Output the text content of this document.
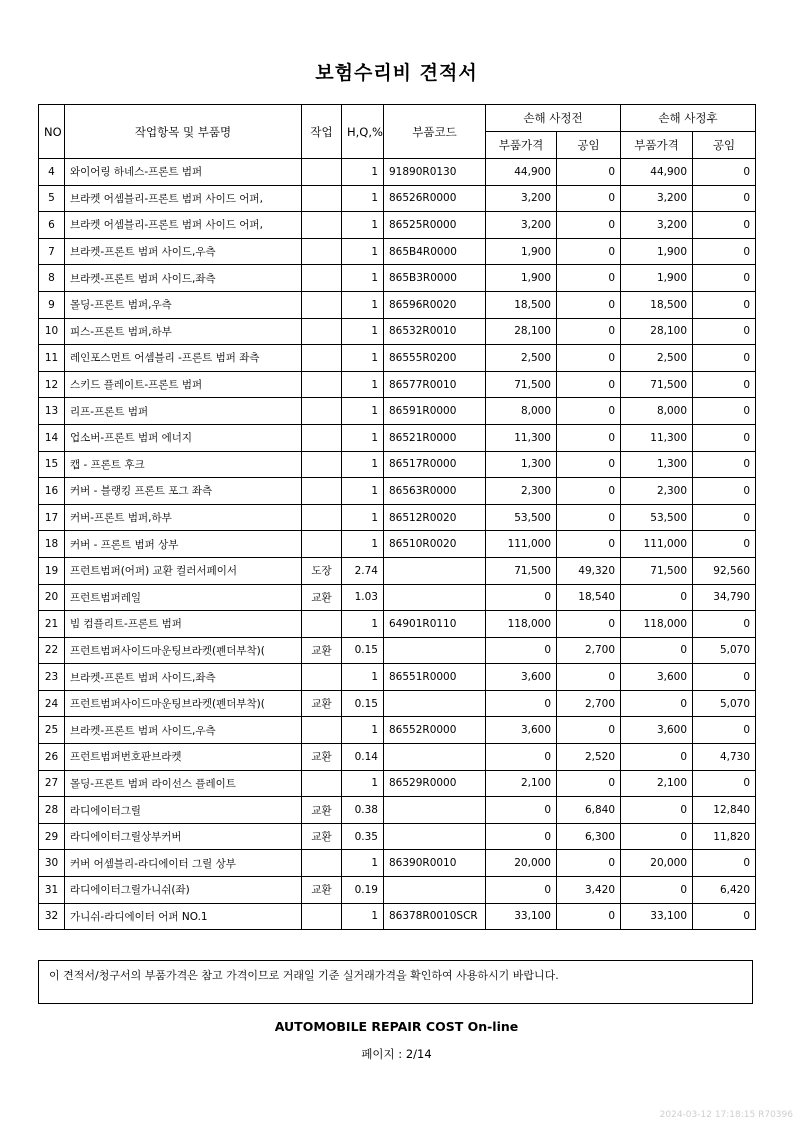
보험수리비 견적서
NO	작업항목 및 부품명	작업	H,Q,%	부품코드	손해 사정전		손해 사정후	
					부품가격	공임	부품가격	공임
4	와이어링 하네스-프론트 범퍼		1	91890R0130	44,900	0	44,900	0
5	브라켓 어셈블리-프론트 범퍼 사이드 어퍼,		1	86526R0000	3,200	0	3,200	0
6	브라켓 어셈블리-프론트 범퍼 사이드 어퍼,		1	86525R0000	3,200	0	3,200	0
7	브라켓-프론트 범퍼 사이드,우측		1	865B4R0000	1,900	0	1,900	0
8	브라켓-프론트 범퍼 사이드,좌측		1	865B3R0000	1,900	0	1,900	0
9	몰딩-프론트 범퍼,우측		1	86596R0020	18,500	0	18,500	0
10	피스-프론트 범퍼,하부		1	86532R0010	28,100	0	28,100	0
11	레인포스먼트 어셈블리 -프론트 범퍼 좌측		1	86555R0200	2,500	0	2,500	0
12	스키드 플레이트-프론트 범퍼		1	86577R0010	71,500	0	71,500	0
13	리프-프론트 범퍼		1	86591R0000	8,000	0	8,000	0
14	업소버-프론트 범퍼 에너지		1	86521R0000	11,300	0	11,300	0
15	캡 - 프론트 후크		1	86517R0000	1,300	0	1,300	0
16	커버 - 블랭킹 프론트 포그 좌측		1	86563R0000	2,300	0	2,300	0
17	커버-프론트 범퍼,하부		1	86512R0020	53,500	0	53,500	0
18	커버 - 프론트 범퍼 상부		1	86510R0020	111,000	0	111,000	0
19	프런트범퍼(어퍼) 교환 컬러서페이서	도장	2.74		71,500	49,320	71,500	92,560
20	프런트범퍼레일	교환	1.03		0	18,540	0	34,790
21	빔 컴플리트-프론트 범퍼		1	64901R0110	118,000	0	118,000	0
22	프런트범퍼사이드마운팅브라켓(펜더부착)(	교환	0.15		0	2,700	0	5,070
23	브라켓-프론트 범퍼 사이드,좌측		1	86551R0000	3,600	0	3,600	0
24	프런트범퍼사이드마운팅브라켓(펜더부착)(	교환	0.15		0	2,700	0	5,070
25	브라켓-프론트 범퍼 사이드,우측		1	86552R0000	3,600	0	3,600	0
26	프런트범퍼번호판브라켓	교환	0.14		0	2,520	0	4,730
27	몰딩-프론트 범퍼 라이선스 플레이트		1	86529R0000	2,100	0	2,100	0
28	라디에이터그릴	교환	0.38		0	6,840	0	12,840
29	라디에이터그릴상부커버	교환	0.35		0	6,300	0	11,820
30	커버 어셈블리-라디에이터 그릴 상부		1	86390R0010	20,000	0	20,000	0
31	라디에이터그릴가니쉬(좌)	교환	0.19		0	3,420	0	6,420
32	가니쉬-라디에이터 어퍼 NO.1		1	86378R0010SCR	33,100	0	33,100	0
이 견적서/청구서의 부품가격은 참고 가격이므로 거래일 기준 실거래가격을 확인하여 사용하시기 바랍니다.
AUTOMOBILE REPAIR COST On-line
페이지 : 2/14
2024-03-12 17:18:15 R70396
